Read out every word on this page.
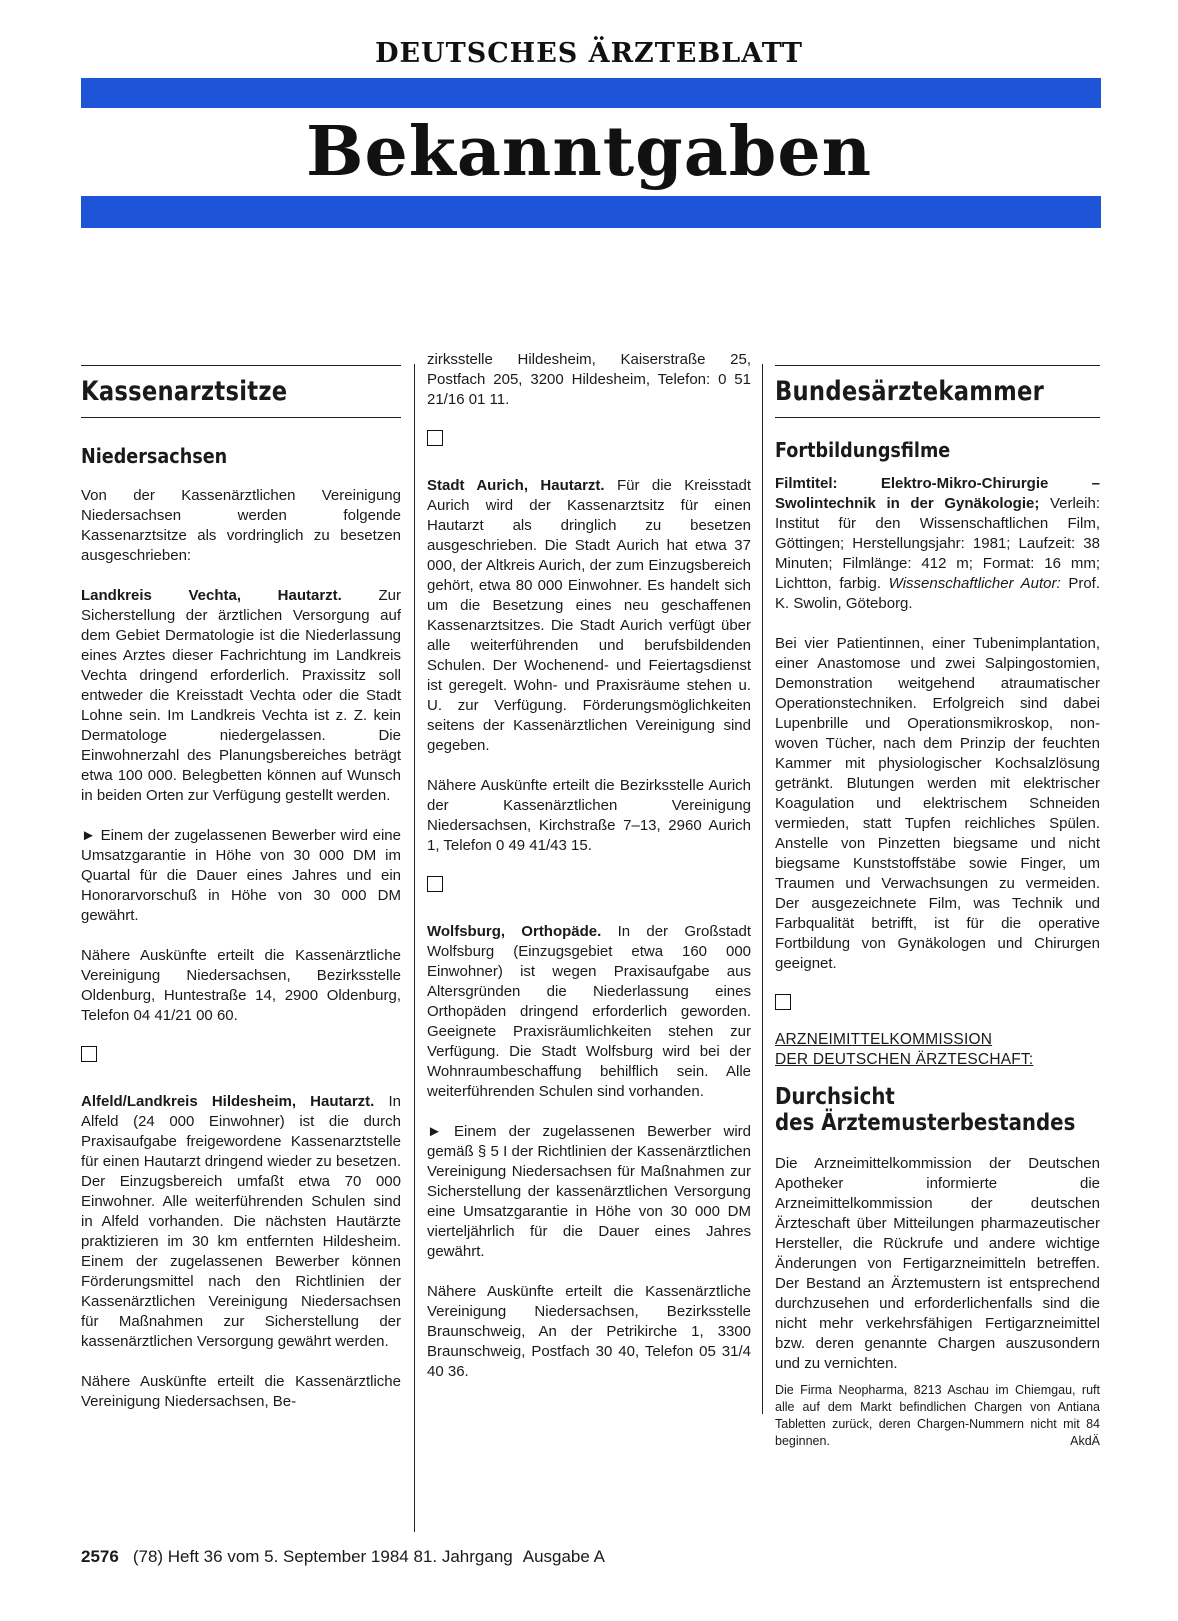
DEUTSCHES ÄRZTEBLATT
Bekanntgaben
Kassenarztsitze
Niedersachsen

Von der Kassenärztlichen Vereinigung Niedersachsen werden folgende Kassenarztsitze als vordringlich zu besetzen ausgeschrieben:

Landkreis Vechta, Hautarzt. Zur Sicherstellung der ärztlichen Versorgung auf dem Gebiet Dermatologie ist die Niederlassung eines Arztes dieser Fachrichtung im Landkreis Vechta dringend erforderlich. Praxissitz soll entweder die Kreisstadt Vechta oder die Stadt Lohne sein. Im Landkreis Vechta ist z. Z. kein Dermatologe niedergelassen. Die Einwohnerzahl des Planungsbereiches beträgt etwa 100 000. Belegbetten können auf Wunsch in beiden Orten zur Verfügung gestellt werden.

► Einem der zugelassenen Bewerber wird eine Umsatzgarantie in Höhe von 30 000 DM im Quartal für die Dauer eines Jahres und ein Honorarvorschuß in Höhe von 30 000 DM gewährt.

Nähere Auskünfte erteilt die Kassenärztliche Vereinigung Niedersachsen, Bezirksstelle Oldenburg, Huntestraße 14, 2900 Oldenburg, Telefon 04 41/21 00 60.

Alfeld/Landkreis Hildesheim, Hautarzt. In Alfeld (24 000 Einwohner) ist die durch Praxisaufgabe freigewordene Kassenarztstelle für einen Hautarzt dringend wieder zu besetzen. Der Einzugsbereich umfaßt etwa 70 000 Einwohner. Alle weiterführenden Schulen sind in Alfeld vorhanden. Die nächsten Hautärzte praktizieren im 30 km entfernten Hildesheim. Einem der zugelassenen Bewerber können Förderungsmittel nach den Richtlinien der Kassenärztlichen Vereinigung Niedersachsen für Maßnahmen zur Sicherstellung der kassenärztlichen Versorgung gewährt werden.

Nähere Auskünfte erteilt die Kassenärztliche Vereinigung Niedersachsen, Be-

zirksstelle Hildesheim, Kaiserstraße 25, Postfach 205, 3200 Hildesheim, Telefon: 0 51 21/16 01 11.

Stadt Aurich, Hautarzt. Für die Kreisstadt Aurich wird der Kassenarztsitz für einen Hautarzt als dringlich zu besetzen ausgeschrieben. Die Stadt Aurich hat etwa 37 000, der Altkreis Aurich, der zum Einzugsbereich gehört, etwa 80 000 Einwohner. Es handelt sich um die Besetzung eines neu geschaffenen Kassenarztsitzes. Die Stadt Aurich verfügt über alle weiterführenden und berufsbildenden Schulen. Der Wochenend- und Feiertagsdienst ist geregelt. Wohn- und Praxisräume stehen u. U. zur Verfügung. Förderungsmöglichkeiten seitens der Kassenärztlichen Vereinigung sind gegeben.

Nähere Auskünfte erteilt die Bezirksstelle Aurich der Kassenärztlichen Vereinigung Niedersachsen, Kirchstraße 7–13, 2960 Aurich 1, Telefon 0 49 41/43 15.

Wolfsburg, Orthopäde. In der Großstadt Wolfsburg (Einzugsgebiet etwa 160 000 Einwohner) ist wegen Praxisaufgabe aus Altersgründen die Niederlassung eines Orthopäden dringend erforderlich geworden. Geeignete Praxisräumlichkeiten stehen zur Verfügung. Die Stadt Wolfsburg wird bei der Wohnraumbeschaffung behilflich sein. Alle weiterführenden Schulen sind vorhanden.

► Einem der zugelassenen Bewerber wird gemäß § 5 I der Richtlinien der Kassenärztlichen Vereinigung Niedersachsen für Maßnahmen zur Sicherstellung der kassenärztlichen Versorgung eine Umsatzgarantie in Höhe von 30 000 DM vierteljährlich für die Dauer eines Jahres gewährt.

Nähere Auskünfte erteilt die Kassenärztliche Vereinigung Niedersachsen, Bezirksstelle Braunschweig, An der Petrikirche 1, 3300 Braunschweig, Postfach 30 40, Telefon 05 31/4 40 36.

Bundesärztekammer
Fortbildungsfilme

Filmtitel: Elektro-Mikro-Chirurgie – Swolintechnik in der Gynäkologie; Verleih: Institut für den Wissenschaftlichen Film, Göttingen; Herstellungsjahr: 1981; Laufzeit: 38 Minuten; Filmlänge: 412 m; Format: 16 mm; Lichtton, farbig. Wissenschaftlicher Autor: Prof. K. Swolin, Göteborg.

Bei vier Patientinnen, einer Tubenimplantation, einer Anastomose und zwei Salpingostomien, Demonstration weitgehend atraumatischer Operationstechniken. Erfolgreich sind dabei Lupenbrille und Operationsmikroskop, non-woven Tücher, nach dem Prinzip der feuchten Kammer mit physiologischer Kochsalzlösung getränkt. Blutungen werden mit elektrischer Koagulation und elektrischem Schneiden vermieden, statt Tupfen reichliches Spülen. Anstelle von Pinzetten biegsame und nicht biegsame Kunststoffstäbe sowie Finger, um Traumen und Verwachsungen zu vermeiden. Der ausgezeichnete Film, was Technik und Farbqualität betrifft, ist für die operative Fortbildung von Gynäkologen und Chirurgen geeignet.

ARZNEIMITTELKOMMISSION
DER DEUTSCHEN ÄRZTESCHAFT:
Durchsicht
des Ärztemusterbestandes

Die Arzneimittelkommission der Deutschen Apotheker informierte die Arzneimittelkommission der deutschen Ärzteschaft über Mitteilungen pharmazeutischer Hersteller, die Rückrufe und andere wichtige Änderungen von Fertigarzneimitteln betreffen. Der Bestand an Ärztemustern ist entsprechend durchzusehen und erforderlichenfalls sind die nicht mehr verkehrsfähigen Fertigarzneimittel bzw. deren genannte Chargen auszusondern und zu vernichten.

Die Firma Neopharma, 8213 Aschau im Chiemgau, ruft alle auf dem Markt befindlichen Chargen von Antiana Tabletten zurück, deren Chargen-Nummern nicht mit 84 beginnen.	AkdÄ

2576 (78) Heft 36 vom 5. September 1984 81. Jahrgang Ausgabe A
